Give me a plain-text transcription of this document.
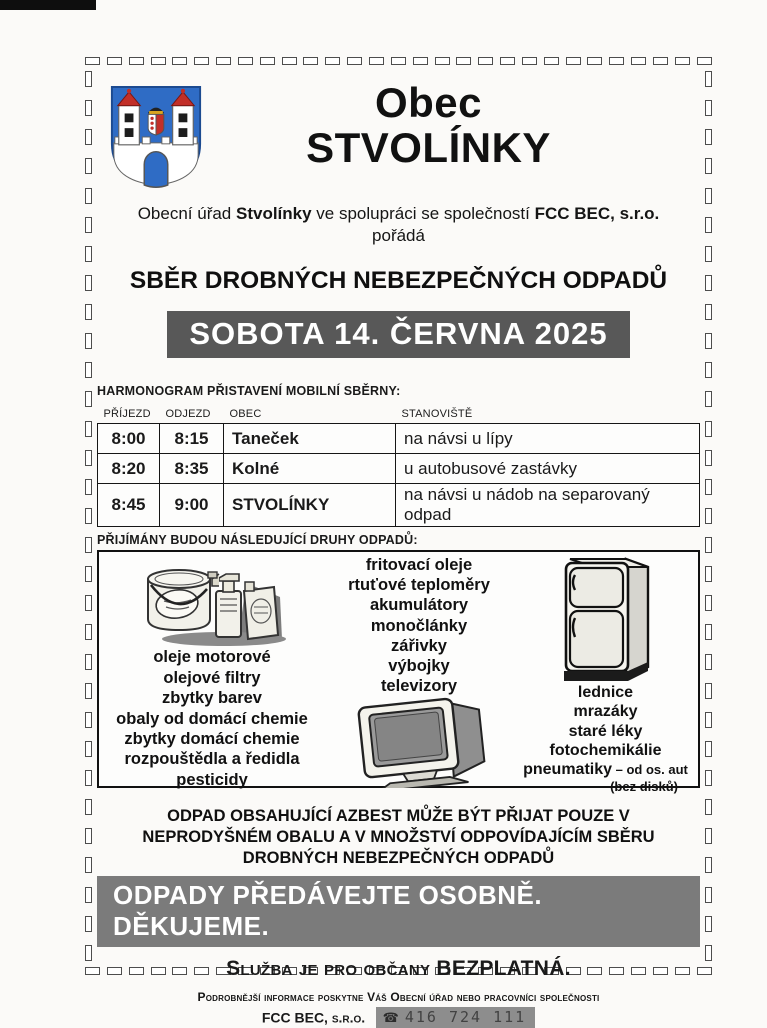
Obec
STVOLÍNKY
Obecní úřad Stvolínky ve spolupráci se společností FCC BEC, s.r.o.
pořádá
SBĚR DROBNÝCH NEBEZPEČNÝCH ODPADŮ
SOBOTA 14. ČERVNA 2025
HARMONOGRAM PŘISTAVENÍ MOBILNÍ SBĚRNY:
PŘÍJEZD	ODJEZD	OBEC	STANOVIŠTĚ
8:00	8:15	Taneček	na návsi u lípy
8:20	8:35	Kolné	u autobusové zastávky
8:45	9:00	STVOLÍNKY	na návsi u nádob na separovaný odpad
PŘIJÍMÁNY BUDOU NÁSLEDUJÍCÍ DRUHY ODPADŮ:
oleje motorové
olejové filtry
zbytky barev
obaly od domácí chemie
zbytky domácí chemie
rozpouštědla a ředidla
pesticidy
fritovací oleje
rtuťové teploměry
akumulátory
monočlánky
zářivky
výbojky
televizory	lednice
mrazáky
staré léky
fotochemikálie
pneumatiky – od os. aut
(bez disků)
ODPAD OBSAHUJÍCÍ AZBEST MŮŽE BÝT PŘIJAT POUZE V
NEPRODYŠNÉM OBALU A V MNOŽSTVÍ ODPOVÍDAJÍCÍM SBĚRU
DROBNÝCH NEBEZPEČNÝCH ODPADŮ
ODPADY PŘEDÁVEJTE OSOBNĚ. DĚKUJEME.
Služba je pro občany BEZPLATNÁ.
Podrobnější informace poskytne Váš Obecní úřad nebo pracovníci společnosti
FCC BEC, s.r.o. ☎ 416 724 111
